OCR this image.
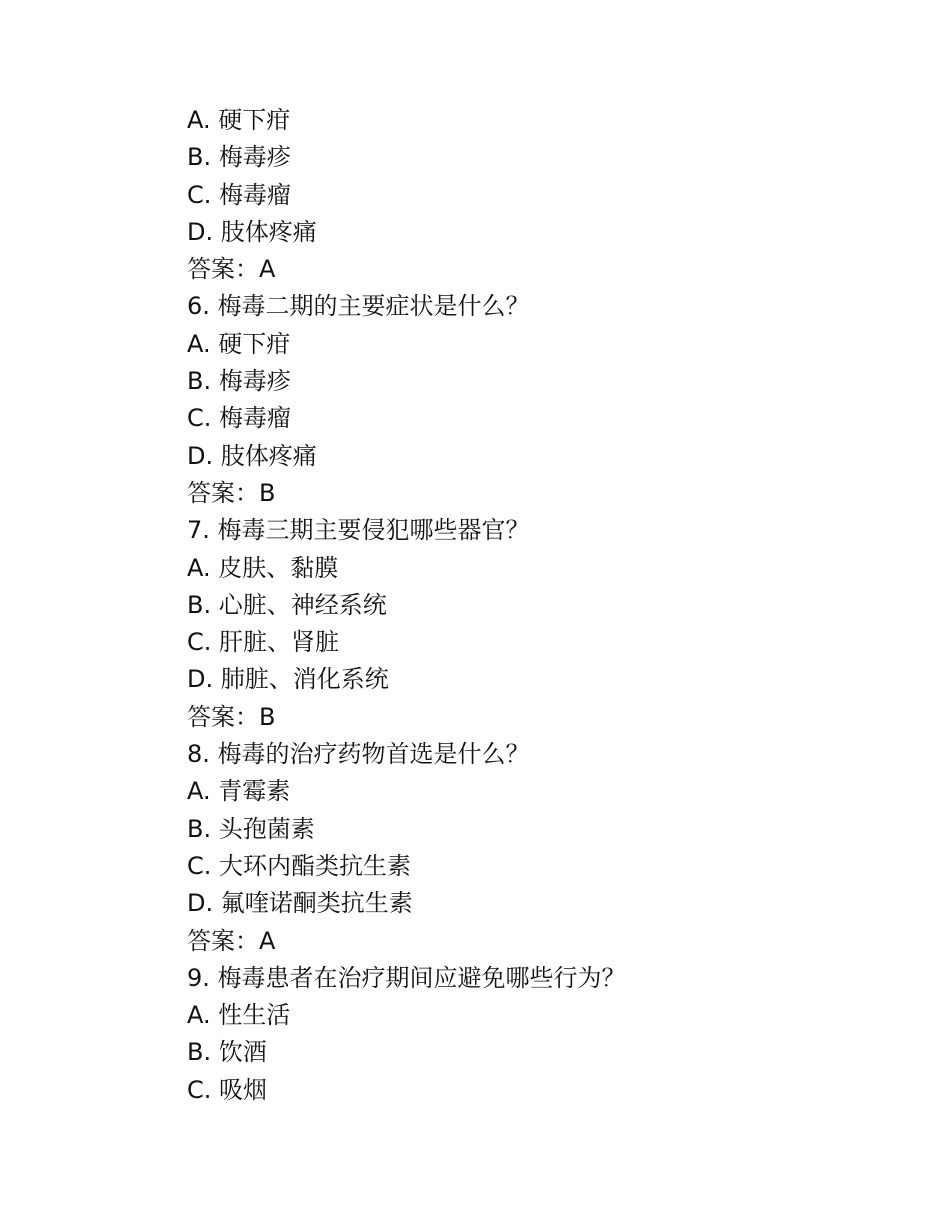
A. 硬下疳

B. 梅毒疹

C. 梅毒瘤

D. 肢体疼痛

答案：A

6. 梅毒二期的主要症状是什么？

A. 硬下疳

B. 梅毒疹

C. 梅毒瘤

D. 肢体疼痛

答案：B

7. 梅毒三期主要侵犯哪些器官？

A. 皮肤、黏膜

B. 心脏、神经系统

C. 肝脏、肾脏

D. 肺脏、消化系统

答案：B

8. 梅毒的治疗药物首选是什么？

A. 青霉素

B. 头孢菌素

C. 大环内酯类抗生素

D. 氟喹诺酮类抗生素

答案：A

9. 梅毒患者在治疗期间应避免哪些行为？

A. 性生活

B. 饮酒

C. 吸烟
